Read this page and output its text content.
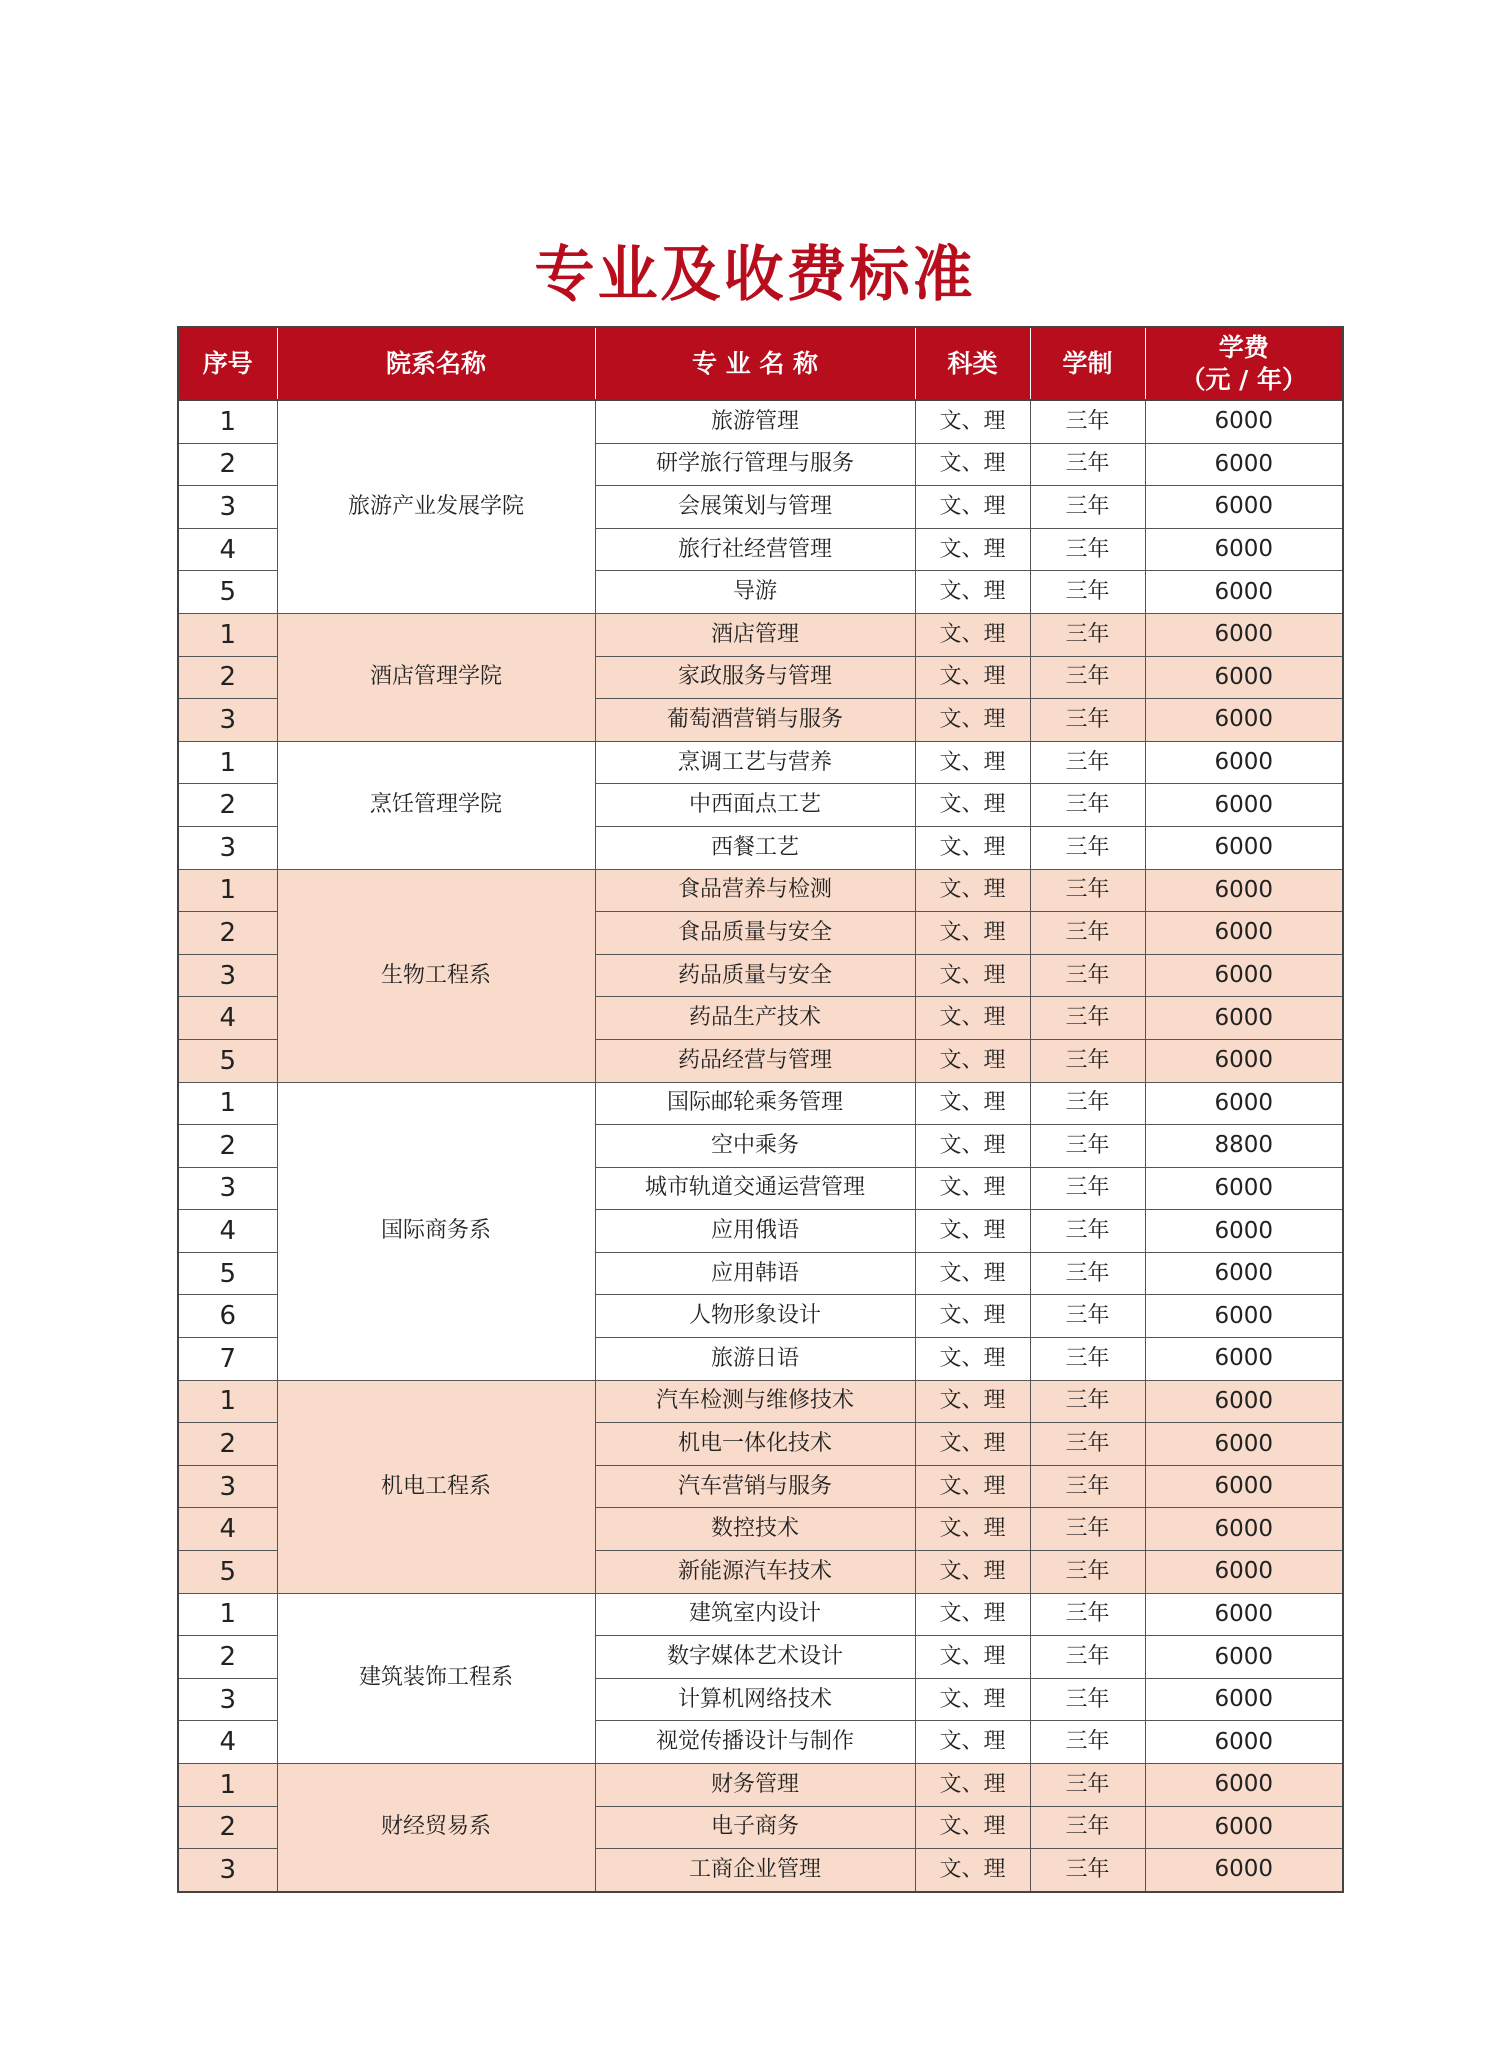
专业及收费标准
序号	院系名称	专 业 名 称	科类	学制	学费
（元 / 年）
1	旅游产业发展学院	旅游管理	文、理	三年	6000
2		研学旅行管理与服务	文、理	三年	6000
3		会展策划与管理	文、理	三年	6000
4		旅行社经营管理	文、理	三年	6000
5		导游	文、理	三年	6000
1	酒店管理学院	酒店管理	文、理	三年	6000
2		家政服务与管理	文、理	三年	6000
3		葡萄酒营销与服务	文、理	三年	6000
1	烹饪管理学院	烹调工艺与营养	文、理	三年	6000
2		中西面点工艺	文、理	三年	6000
3		西餐工艺	文、理	三年	6000
1	生物工程系	食品营养与检测	文、理	三年	6000
2		食品质量与安全	文、理	三年	6000
3		药品质量与安全	文、理	三年	6000
4		药品生产技术	文、理	三年	6000
5		药品经营与管理	文、理	三年	6000
1	国际商务系	国际邮轮乘务管理	文、理	三年	6000
2		空中乘务	文、理	三年	8800
3		城市轨道交通运营管理	文、理	三年	6000
4		应用俄语	文、理	三年	6000
5		应用韩语	文、理	三年	6000
6		人物形象设计	文、理	三年	6000
7		旅游日语	文、理	三年	6000
1	机电工程系	汽车检测与维修技术	文、理	三年	6000
2		机电一体化技术	文、理	三年	6000
3		汽车营销与服务	文、理	三年	6000
4		数控技术	文、理	三年	6000
5		新能源汽车技术	文、理	三年	6000
1	建筑装饰工程系	建筑室内设计	文、理	三年	6000
2		数字媒体艺术设计	文、理	三年	6000
3		计算机网络技术	文、理	三年	6000
4		视觉传播设计与制作	文、理	三年	6000
1	财经贸易系	财务管理	文、理	三年	6000
2		电子商务	文、理	三年	6000
3		工商企业管理	文、理	三年	6000
